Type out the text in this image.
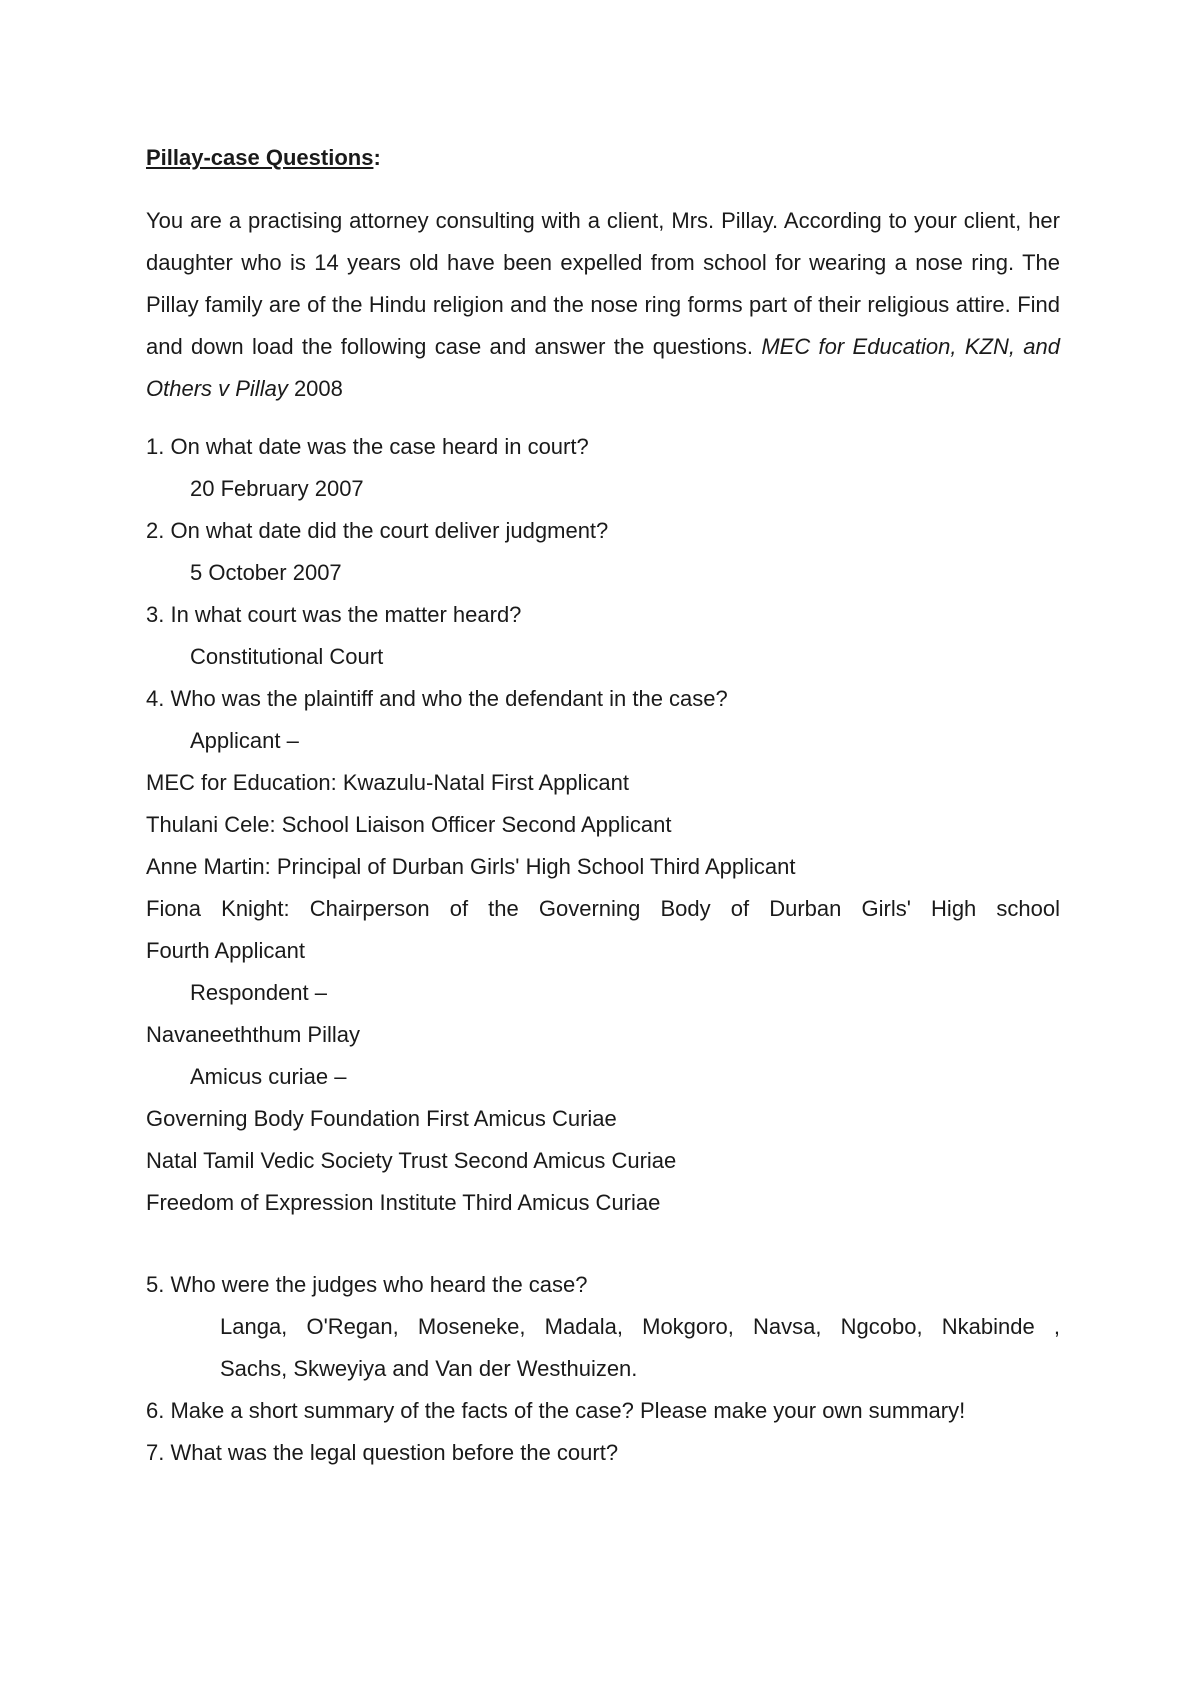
Pillay-case Questions:

You are a practising attorney consulting with a client, Mrs. Pillay. According to your client, her daughter who is 14 years old have been expelled from school for wearing a nose ring. The Pillay family are of the Hindu religion and the nose ring forms part of their religious attire. Find and down load the following case and answer the questions. MEC for Education, KZN, and Others v Pillay 2008

1. On what date was the case heard in court?

20 February 2007

2. On what date did the court deliver judgment?

5 October 2007

3. In what court was the matter heard?

Constitutional Court

4. Who was the plaintiff and who the defendant in the case?

Applicant –

MEC for Education: Kwazulu-Natal First Applicant

Thulani Cele: School Liaison Officer Second Applicant

Anne Martin: Principal of Durban Girls' High School Third Applicant

Fiona Knight: Chairperson of the Governing Body of Durban Girls' High school

Fourth Applicant

Respondent –

Navaneeththum Pillay

Amicus curiae –

Governing Body Foundation First Amicus Curiae

Natal Tamil Vedic Society Trust Second Amicus Curiae

Freedom of Expression Institute Third Amicus Curiae

5. Who were the judges who heard the case?

Langa, O'Regan, Moseneke, Madala, Mokgoro, Navsa, Ngcobo, Nkabinde ,

Sachs, Skweyiya and Van der Westhuizen.

6. Make a short summary of the facts of the case? Please make your own summary!

7. What was the legal question before the court?
